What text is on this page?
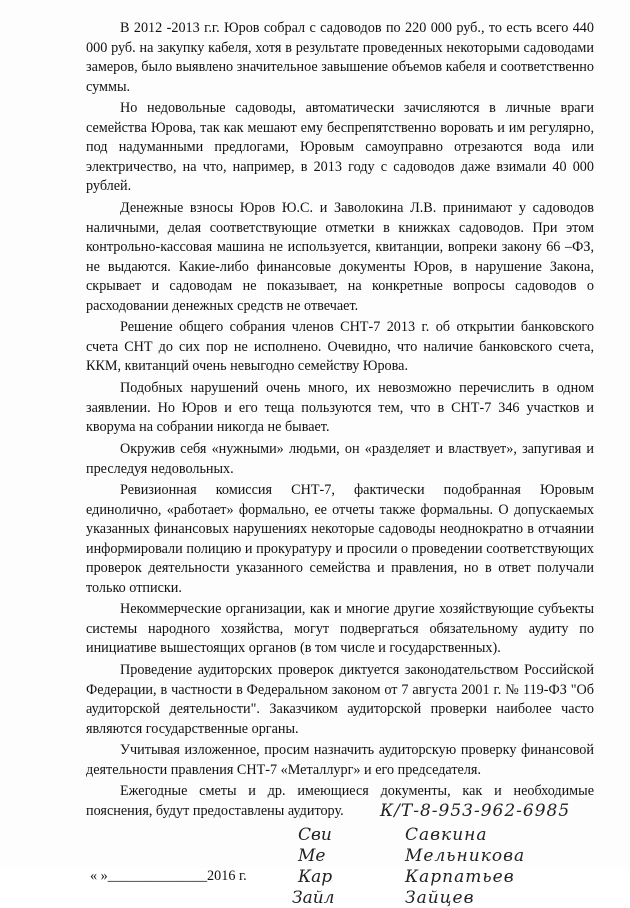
В 2012 -2013 г.г. Юров собрал с садоводов по 220 000 руб., то есть всего 440 000 руб. на закупку кабеля, хотя в результате проведенных некоторыми садоводами замеров, было выявлено значительное завышение объемов кабеля и соответственно суммы.

Но недовольные садоводы, автоматически зачисляются в личные враги семейства Юрова, так как мешают ему беспрепятственно воровать и им регулярно, под надуманными предлогами, Юровым самоуправно отрезаются вода или электричество, на что, например, в 2013 году с садоводов даже взимали 40 000 рублей.

Денежные взносы Юров Ю.С. и Заволокина Л.В. принимают у садоводов наличными, делая соответствующие отметки в книжках садоводов. При этом контрольно-кассовая машина не используется, квитанции, вопреки закону 66 –ФЗ, не выдаются. Какие-либо финансовые документы Юров, в нарушение Закона, скрывает и садоводам не показывает, на конкретные вопросы садоводов о расходовании денежных средств не отвечает.

Решение общего собрания членов СНТ-7 2013 г. об открытии банковского счета СНТ до сих пор не исполнено. Очевидно, что наличие банковского счета, ККМ, квитанций очень невыгодно семейству Юрова.

Подобных нарушений очень много, их невозможно перечислить в одном заявлении. Но Юров и его теща пользуются тем, что в СНТ-7 346 участков и кворума на собрании никогда не бывает.

Окружив себя «нужными» людьми, он «разделяет и властвует», запугивая и преследуя недовольных.

Ревизионная комиссия СНТ-7, фактически подобранная Юровым единолично, «работает» формально, ее отчеты также формальны. О допускаемых указанных финансовых нарушениях некоторые садоводы неоднократно в отчаянии информировали полицию и прокуратуру и просили о проведении соответствующих проверок деятельности указанного семейства и правления, но в ответ получали только отписки.

Некоммерческие организации, как и многие другие хозяйствующие субъекты системы народного хозяйства, могут подвергаться обязательному аудиту по инициативе вышестоящих органов (в том числе и государственных).

Проведение аудиторских проверок диктуется законодательством Российской Федерации, в частности в Федеральном законом от 7 августа 2001 г. № 119-ФЗ "Об аудиторской деятельности". Заказчиком аудиторской проверки наиболее часто являются государственные органы.

Учитывая изложенное, просим назначить аудиторскую проверку финансовой деятельности правления СНТ-7 «Металлург» и его председателя.

Ежегодные сметы и др. имеющиеся документы, как и необходимые пояснения, будут предоставлены аудитору.

« »______________2016 г.
К/Т-8-953-962-6985
Сви	Савкина
Ме	Мельникова
Кар	Карпатьев
Зайл	Зайцев
